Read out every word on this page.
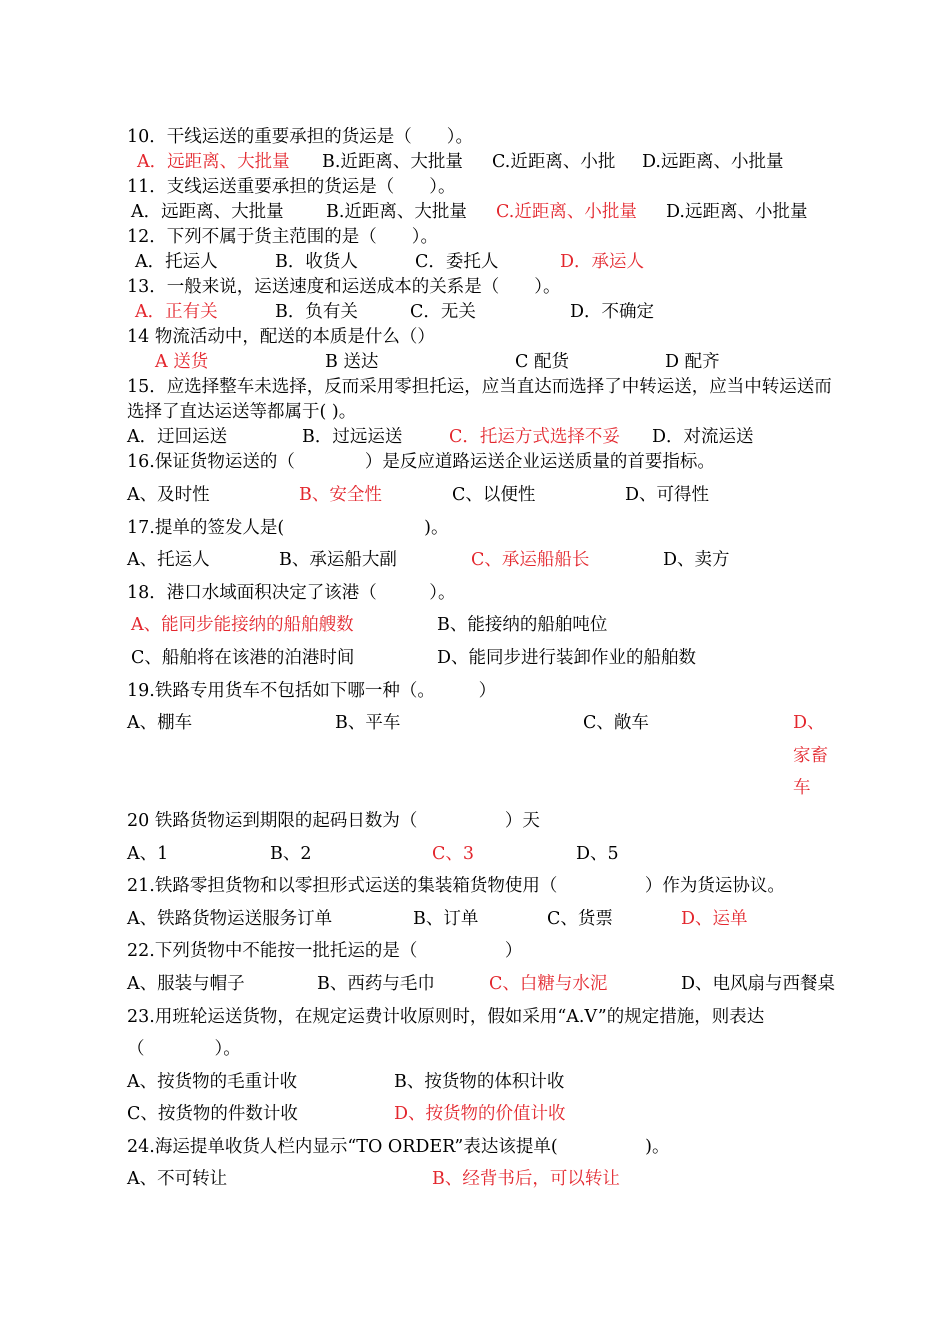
10．干线运送的重要承担的货运是（　　）。
A．远距离、大批量	B.近距离、大批量	C.近距离、小批	D.远距离、小批量
11．支线运送重要承担的货运是（　　）。
A．远距离、大批量	B.近距离、大批量	C.近距离、小批量	D.远距离、小批量
12．下列不属于货主范围的是（　　）。
A．托运人	B．收货人	C．委托人	D．承运人
13．一般来说，运送速度和运送成本的关系是（　　）。
A．正有关	B．负有关	C．无关	D．不确定
14 物流活动中，配送的本质是什么（）
A 送货	B 送达	C 配货	D 配齐
15．应选择整车未选择，反而采用零担托运，应当直达而选择了中转运送，应当中转运送而选择了直达运送等都属于( )。
A．迂回运送	B．过远运送	C．托运方式选择不妥	D．对流运送
16.保证货物运送的（　　　　）是反应道路运送企业运送质量的首要指标。
A、及时性	B、安全性	C、以便性	D、可得性
17.提单的签发人是(　　　　　　　　)。
A、托运人	B、承运船大副	C、承运船船长	D、卖方
18．港口水域面积决定了该港（　　　）。
A、能同步能接纳的船舶艘数	B、能接纳的船舶吨位
C、船舶将在该港的泊港时间	D、能同步进行装卸作业的船舶数
19.铁路专用货车不包括如下哪一种（。　　　）
A、棚车	B、平车	C、敞车	D、家畜车
20 铁路货物运到期限的起码日数为（　　　　　）天
A、1	B、2	C、3	D、5
21.铁路零担货物和以零担形式运送的集装箱货物使用（　　　　　）作为货运协议。
A、铁路货物运送服务订单	B、订单	C、货票	D、运单
22.下列货物中不能按一批托运的是（　　　　　）
A、服装与帽子	B、西药与毛巾	C、白糖与水泥	D、电风扇与西餐桌
23.用班轮运送货物，在规定运费计收原则时，假如采用“A.V”的规定措施，则表达（　　　　）。
A、按货物的毛重计收	B、按货物的体积计收
C、按货物的件数计收	D、按货物的价值计收
24.海运提单收货人栏内显示“TO ORDER”表达该提单(　　　　　)。
A、不可转让	B、经背书后，可以转让
